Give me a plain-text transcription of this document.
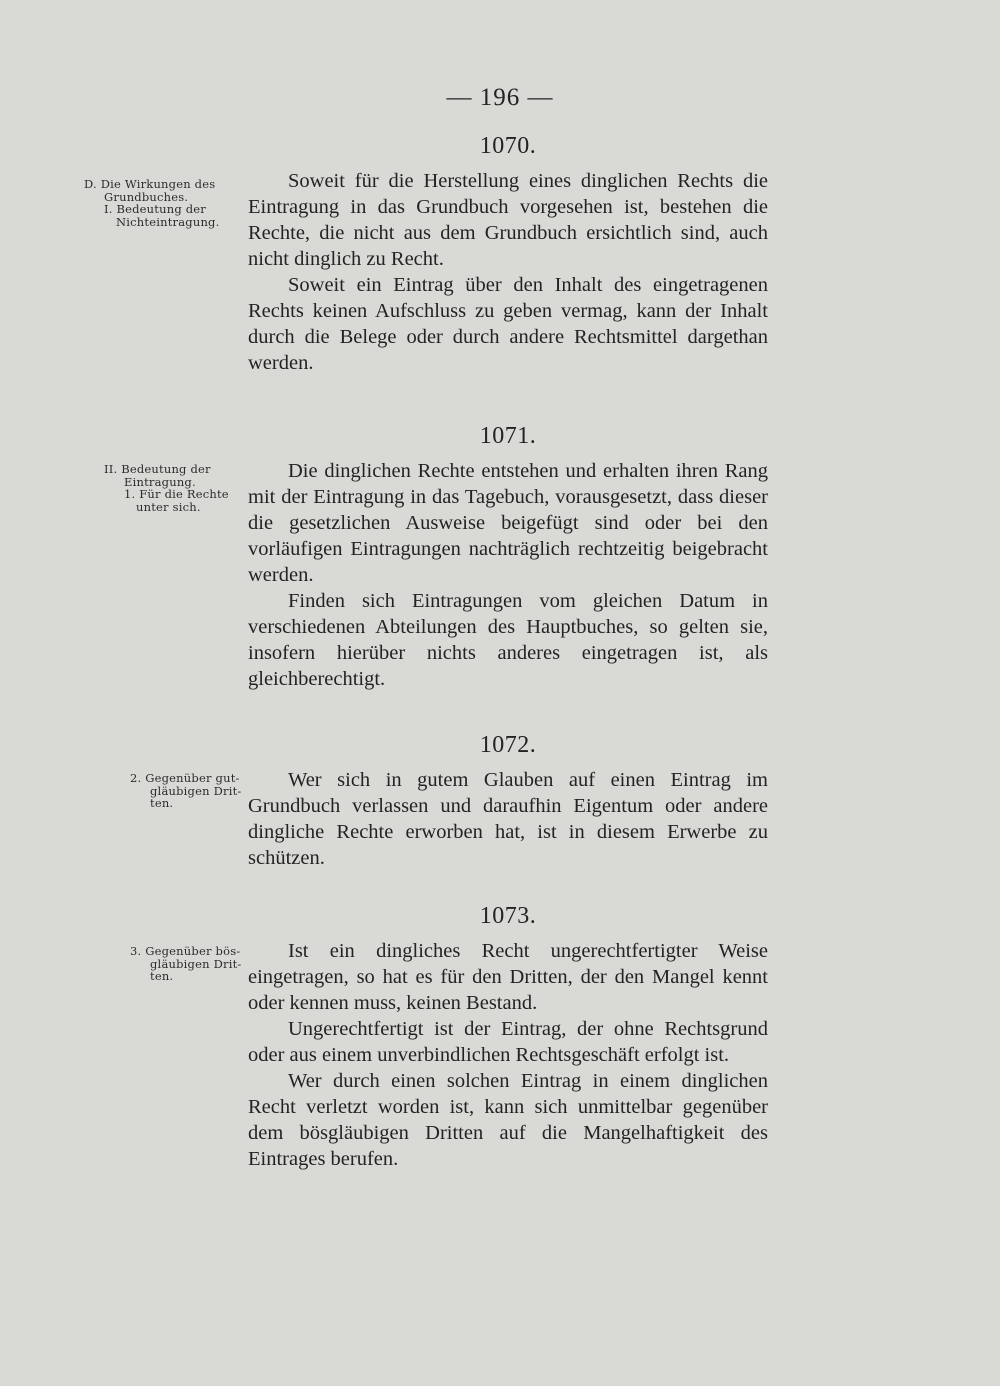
— 196 —
D. Die Wirkungen des
Grundbuches.
I. Bedeutung der
Nichteintragung.
II. Bedeutung der
Eintragung.
1. Für die Rechte
unter sich.
2. Gegenüber gut-
gläubigen Drit-
ten.
3. Gegenüber bös-
gläubigen Drit-
ten.
1070.

Soweit für die Herstellung eines dinglichen Rechts die Eintragung in das Grundbuch vorgesehen ist, bestehen die Rechte, die nicht aus dem Grundbuch ersichtlich sind, auch nicht dinglich zu Recht.

Soweit ein Eintrag über den Inhalt des eingetragenen Rechts keinen Aufschluss zu geben vermag, kann der Inhalt durch die Belege oder durch andere Rechtsmittel dargethan werden.

1071.

Die dinglichen Rechte entstehen und erhalten ihren Rang mit der Eintragung in das Tagebuch, vorausgesetzt, dass dieser die gesetzlichen Ausweise beigefügt sind oder bei den vorläufigen Eintragungen nachträglich rechtzeitig beigebracht werden.

Finden sich Eintragungen vom gleichen Datum in verschiedenen Abteilungen des Hauptbuches, so gelten sie, insofern hierüber nichts anderes eingetragen ist, als gleichberechtigt.

1072.

Wer sich in gutem Glauben auf einen Eintrag im Grundbuch verlassen und daraufhin Eigentum oder andere dingliche Rechte erworben hat, ist in diesem Erwerbe zu schützen.

1073.

Ist ein dingliches Recht ungerechtfertigter Weise eingetragen, so hat es für den Dritten, der den Mangel kennt oder kennen muss, keinen Bestand.

Ungerechtfertigt ist der Eintrag, der ohne Rechtsgrund oder aus einem unverbindlichen Rechtsgeschäft erfolgt ist.

Wer durch einen solchen Eintrag in einem dinglichen Recht verletzt worden ist, kann sich unmittelbar gegenüber dem bösgläubigen Dritten auf die Mangelhaftigkeit des Eintrages berufen.
